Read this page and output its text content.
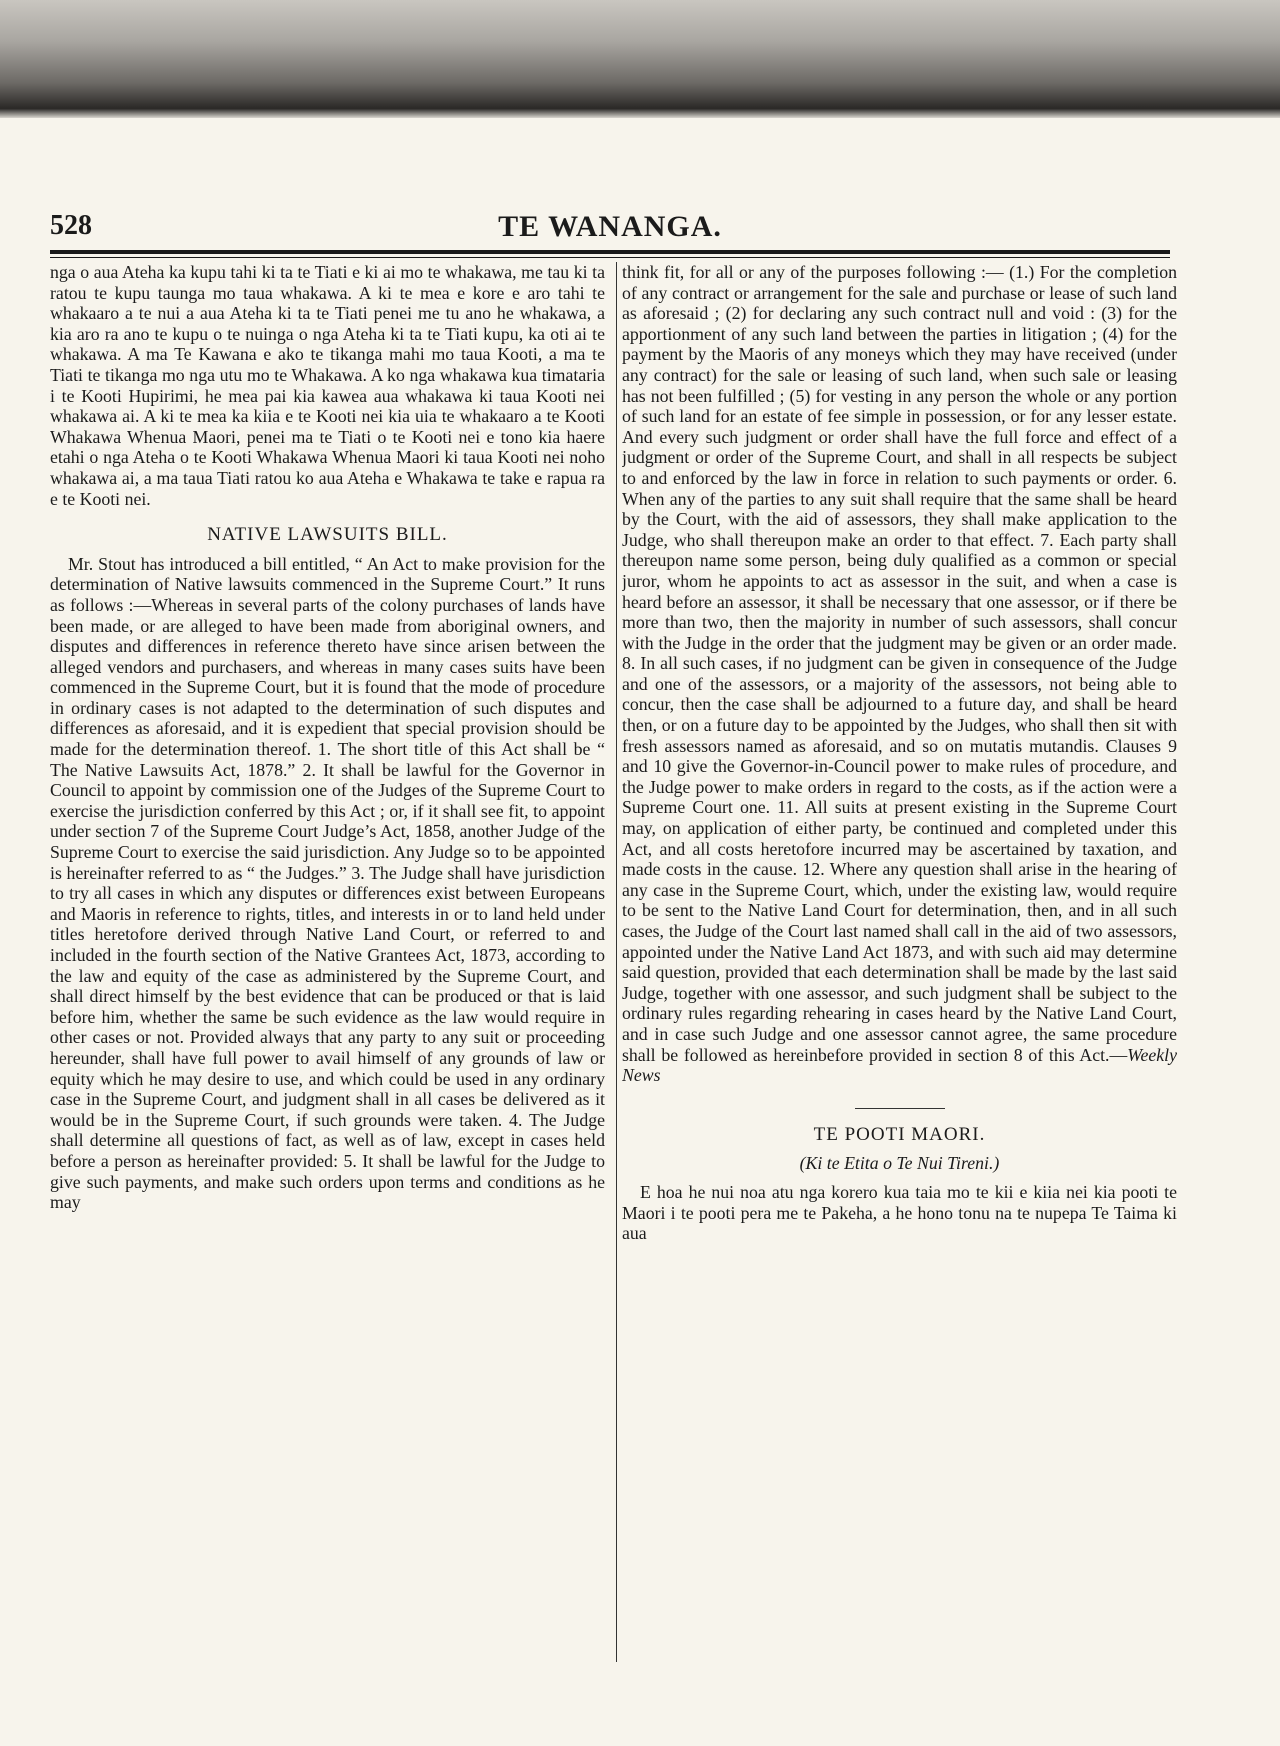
528	TE WANANGA.

nga o aua Ateha ka kupu tahi ki ta te Tiati e ki ai mo te whakawa, me tau ki ta ratou te kupu taunga mo taua whakawa. A ki te mea e kore e aro tahi te whakaaro a te nui a aua Ateha ki ta te Tiati penei me tu ano he whakawa, a kia aro ra ano te kupu o te nuinga o nga Ateha ki ta te Tiati kupu, ka oti ai te whakawa. A ma Te Kawana e ako te tikanga mahi mo taua Kooti, a ma te Tiati te tikanga mo nga utu mo te Whakawa. A ko nga whakawa kua timataria i te Kooti Hupirimi, he mea pai kia kawea aua whakawa ki taua Kooti nei whakawa ai. A ki te mea ka kiia e te Kooti nei kia uia te whakaaro a te Kooti Whakawa Whenua Maori, penei ma te Tiati o te Kooti nei e tono kia haere etahi o nga Ateha o te Kooti Whakawa Whenua Maori ki taua Kooti nei noho whakawa ai, a ma taua Tiati ratou ko aua Ateha e Whakawa te take e rapua ra e te Kooti nei.

NATIVE LAWSUITS BILL.

Mr. Stout has introduced a bill entitled, “ An Act to make provision for the determination of Native lawsuits commenced in the Supreme Court.” It runs as follows :—Whereas in several parts of the colony purchases of lands have been made, or are alleged to have been made from aboriginal owners, and disputes and differences in reference thereto have since arisen between the alleged vendors and purchasers, and whereas in many cases suits have been commenced in the Supreme Court, but it is found that the mode of procedure in ordinary cases is not adapted to the determination of such disputes and differences as aforesaid, and it is expedient that special provision should be made for the determination thereof. 1. The short title of this Act shall be “ The Native Lawsuits Act, 1878.” 2. It shall be lawful for the Governor in Council to appoint by commission one of the Judges of the Supreme Court to exercise the jurisdiction conferred by this Act ; or, if it shall see fit, to appoint under section 7 of the Supreme Court Judge’s Act, 1858, another Judge of the Supreme Court to exercise the said jurisdiction. Any Judge so to be appointed is hereinafter referred to as “ the Judges.” 3. The Judge shall have jurisdiction to try all cases in which any disputes or differences exist between Europeans and Maoris in reference to rights, titles, and interests in or to land held under titles heretofore derived through Native Land Court, or referred to and included in the fourth section of the Native Grantees Act, 1873, according to the law and equity of the case as administered by the Supreme Court, and shall direct himself by the best evidence that can be produced or that is laid before him, whether the same be such evidence as the law would require in other cases or not. Provided always that any party to any suit or proceeding hereunder, shall have full power to avail himself of any grounds of law or equity which he may desire to use, and which could be used in any ordinary case in the Supreme Court, and judgment shall in all cases be delivered as it would be in the Supreme Court, if such grounds were taken. 4. The Judge shall determine all questions of fact, as well as of law, except in cases held before a person as hereinafter provided: 5. It shall be lawful for the Judge to give such payments, and make such orders upon terms and conditions as he may

think fit, for all or any of the purposes following :— (1.) For the completion of any contract or arrangement for the sale and purchase or lease of such land as aforesaid ; (2) for declaring any such contract null and void : (3) for the apportionment of any such land between the parties in litigation ; (4) for the payment by the Maoris of any moneys which they may have received (under any contract) for the sale or leasing of such land, when such sale or leasing has not been fulfilled ; (5) for vesting in any person the whole or any portion of such land for an estate of fee simple in possession, or for any lesser estate. And every such judgment or order shall have the full force and effect of a judgment or order of the Supreme Court, and shall in all respects be subject to and enforced by the law in force in relation to such payments or order. 6. When any of the parties to any suit shall require that the same shall be heard by the Court, with the aid of assessors, they shall make application to the Judge, who shall thereupon make an order to that effect. 7. Each party shall thereupon name some person, being duly qualified as a common or special juror, whom he appoints to act as assessor in the suit, and when a case is heard before an assessor, it shall be necessary that one assessor, or if there be more than two, then the majority in number of such assessors, shall concur with the Judge in the order that the judgment may be given or an order made. 8. In all such cases, if no judgment can be given in consequence of the Judge and one of the assessors, or a majority of the assessors, not being able to concur, then the case shall be adjourned to a future day, and shall be heard then, or on a future day to be appointed by the Judges, who shall then sit with fresh assessors named as aforesaid, and so on mutatis mutandis. Clauses 9 and 10 give the Governor-in-Council power to make rules of procedure, and the Judge power to make orders in regard to the costs, as if the action were a Supreme Court one. 11. All suits at present existing in the Supreme Court may, on application of either party, be continued and completed under this Act, and all costs heretofore incurred may be ascertained by taxation, and made costs in the cause. 12. Where any question shall arise in the hearing of any case in the Supreme Court, which, under the existing law, would require to be sent to the Native Land Court for determination, then, and in all such cases, the Judge of the Court last named shall call in the aid of two assessors, appointed under the Native Land Act 1873, and with such aid may determine said question, provided that each determination shall be made by the last said Judge, together with one assessor, and such judgment shall be subject to the ordinary rules regarding rehearing in cases heard by the Native Land Court, and in case such Judge and one assessor cannot agree, the same procedure shall be followed as hereinbefore provided in section 8 of this Act.—Weekly News

TE POOTI MAORI.
(Ki te Etita o Te Nui Tireni.)

E hoa he nui noa atu nga korero kua taia mo te kii e kiia nei kia pooti te Maori i te pooti pera me te Pakeha, a he hono tonu na te nupepa Te Taima ki aua
